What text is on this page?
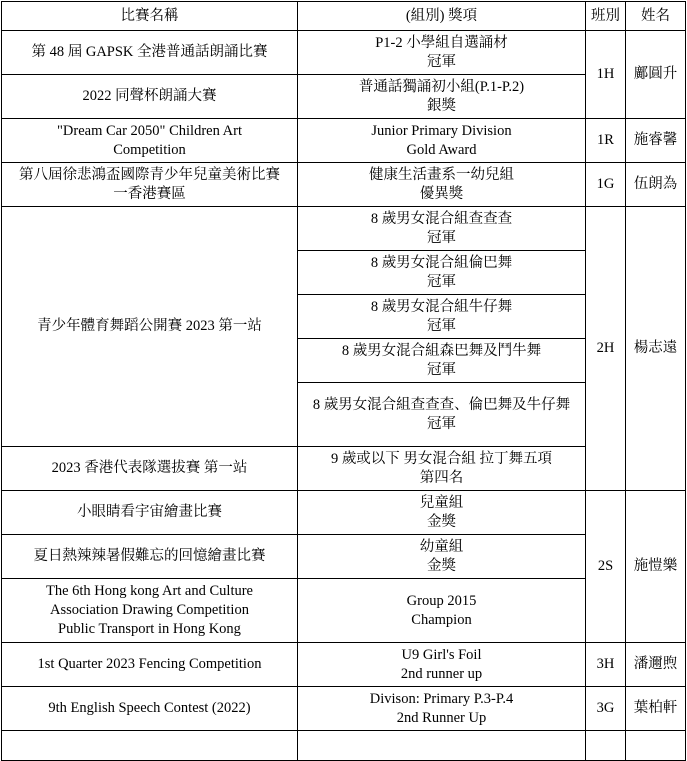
比賽名稱	(組別) 獎項	班別	姓名

第 48 屆 GAPSK 全港普通話朗誦比賽	P1-2 小學組自選誦材
冠軍	1H	鄺圓升

2022 同聲杯朗誦大賽	普通話獨誦初小組(P.1-P.2)
銀獎		

"Dream Car 2050" Children Art
Competition	Junior Primary Division
Gold Award	1R	施睿馨

第八屆徐悲鴻盃國際青少年兒童美術比賽
一香港賽區	健康生活畫系一幼兒組
優異獎	1G	伍朗為

青少年體育舞蹈公開賽 2023 第一站	8 歲男女混合組查查查
冠軍	2H	楊志遠

	8 歲男女混合組倫巴舞
冠軍		

	8 歲男女混合組牛仔舞
冠軍		

	8 歲男女混合組森巴舞及鬥牛舞
冠軍		

	8 歲男女混合組查查查、倫巴舞及牛仔舞
冠軍		

2023 香港代表隊選拔賽 第一站	9 歲或以下 男女混合組 拉丁舞五項
第四名		

小眼睛看宇宙繪畫比賽	兒童組
金獎	2S	施愷樂

夏日熱辣辣暑假難忘的回憶繪畫比賽	幼童組
金獎		

The 6th Hong kong Art and Culture
Association Drawing Competition
Public Transport in Hong Kong	Group 2015
Champion		

1st Quarter 2023 Fencing Competition	U9 Girl's Foil
2nd runner up	3H	潘邇煦

9th English Speech Contest (2022)	Divison: Primary P.3-P.4
2nd Runner Up	3G	葉柏軒
